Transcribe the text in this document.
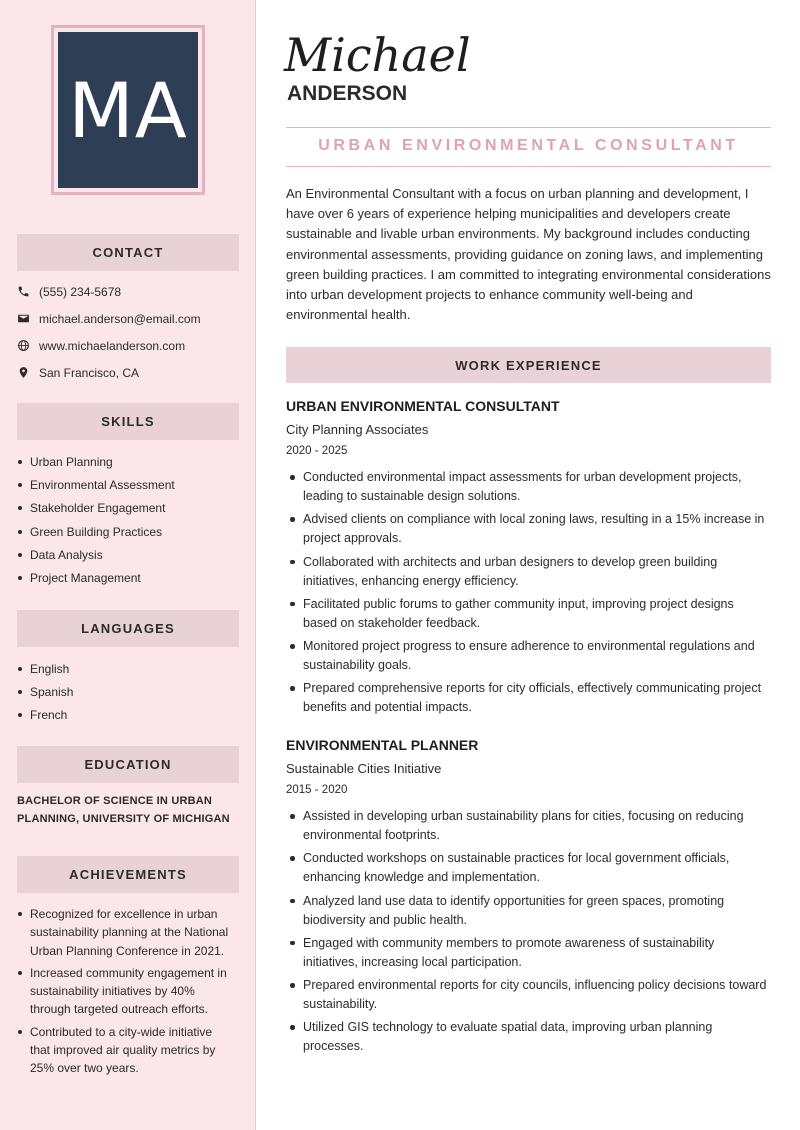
MA
CONTACT
(555) 234-5678
michael.anderson@email.com
www.michaelanderson.com
San Francisco, CA
SKILLS
Urban Planning
Environmental Assessment
Stakeholder Engagement
Green Building Practices
Data Analysis
Project Management
LANGUAGES
English
Spanish
French
EDUCATION
BACHELOR OF SCIENCE IN URBAN PLANNING, UNIVERSITY OF MICHIGAN
ACHIEVEMENTS
Recognized for excellence in urban sustainability planning at the National Urban Planning Conference in 2021.
Increased community engagement in sustainability initiatives by 40% through targeted outreach efforts.
Contributed to a city-wide initiative that improved air quality metrics by 25% over two years.
Michael
ANDERSON
URBAN ENVIRONMENTAL CONSULTANT

An Environmental Consultant with a focus on urban planning and development, I have over 6 years of experience helping municipalities and developers create sustainable and livable urban environments. My background includes conducting environmental assessments, providing guidance on zoning laws, and implementing green building practices. I am committed to integrating environmental considerations into urban development projects to enhance community well-being and environmental health.

WORK EXPERIENCE
URBAN ENVIRONMENTAL CONSULTANT
City Planning Associates
2020 - 2025
Conducted environmental impact assessments for urban development projects, leading to sustainable design solutions.
Advised clients on compliance with local zoning laws, resulting in a 15% increase in project approvals.
Collaborated with architects and urban designers to develop green building initiatives, enhancing energy efficiency.
Facilitated public forums to gather community input, improving project designs based on stakeholder feedback.
Monitored project progress to ensure adherence to environmental regulations and sustainability goals.
Prepared comprehensive reports for city officials, effectively communicating project benefits and potential impacts.
ENVIRONMENTAL PLANNER
Sustainable Cities Initiative
2015 - 2020
Assisted in developing urban sustainability plans for cities, focusing on reducing environmental footprints.
Conducted workshops on sustainable practices for local government officials, enhancing knowledge and implementation.
Analyzed land use data to identify opportunities for green spaces, promoting biodiversity and public health.
Engaged with community members to promote awareness of sustainability initiatives, increasing local participation.
Prepared environmental reports for city councils, influencing policy decisions toward sustainability.
Utilized GIS technology to evaluate spatial data, improving urban planning processes.
